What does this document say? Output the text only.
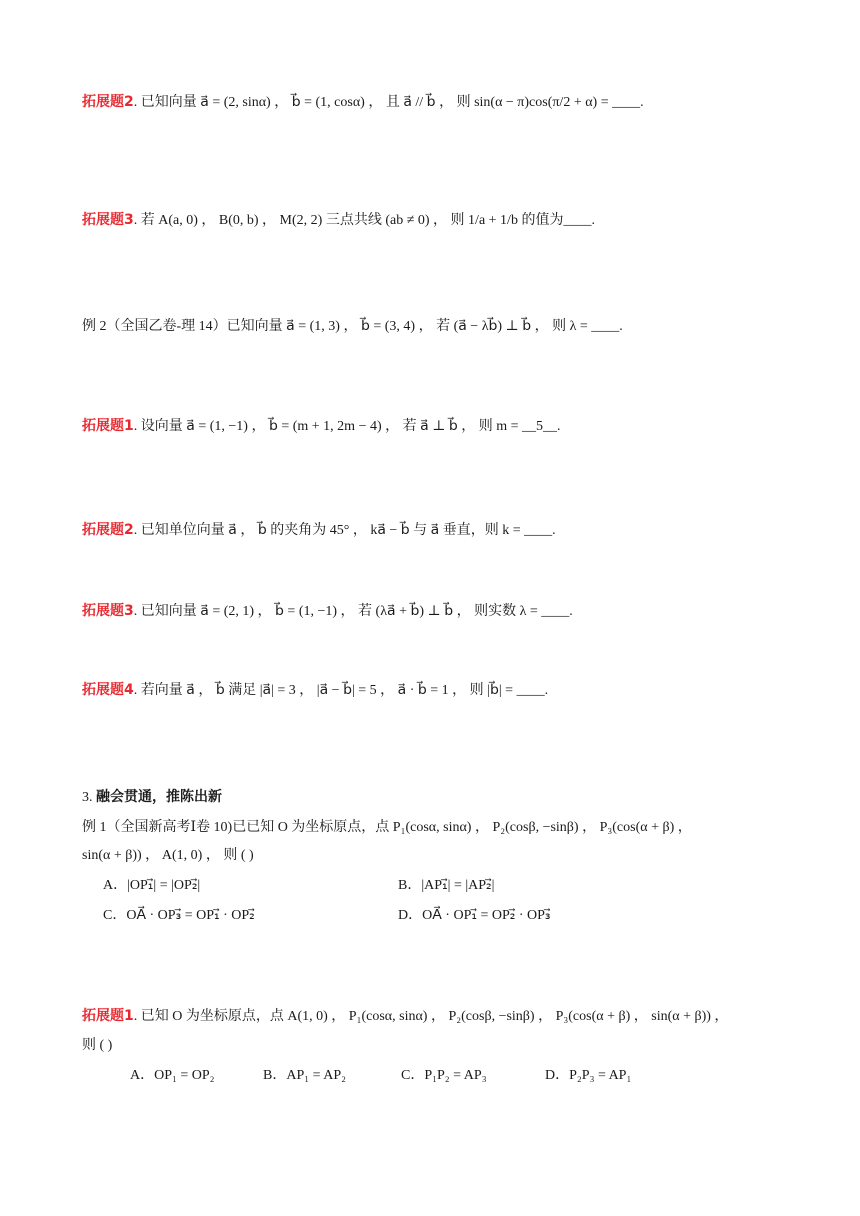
拓展题2. 已知向量 a⃗ = (2, sinα) ， b⃗ = (1, cosα) ， 且 a⃗ // b⃗ ， 则 sin(α − π)cos(π/2 + α) = ____.
拓展题3. 若 A(a, 0) ， B(0, b) ， M(2, 2) 三点共线 (ab ≠ 0) ， 则 1/a + 1/b 的值为____.
例 2（全国乙卷-理 14）已知向量 a⃗ = (1, 3) ， b⃗ = (3, 4) ， 若 (a⃗ − λb⃗) ⊥ b⃗ ， 则 λ = ____.
拓展题1. 设向量 a⃗ = (1, −1) ， b⃗ = (m + 1, 2m − 4) ， 若 a⃗ ⊥ b⃗ ， 则 m = __5__.
拓展题2. 已知单位向量 a⃗ ， b⃗ 的夹角为 45° ， ka⃗ − b⃗ 与 a⃗ 垂直，则 k = ____.
拓展题3. 已知向量 a⃗ = (2, 1) ， b⃗ = (1, −1) ， 若 (λa⃗ + b⃗) ⊥ b⃗ ， 则实数 λ = ____.
拓展题4. 若向量 a⃗ ， b⃗ 满足 |a⃗| = 3 ， |a⃗ − b⃗| = 5 ， a⃗ · b⃗ = 1 ， 则 |b⃗| = ____.
3. 融会贯通，推陈出新
例 1（全国新高考Ⅰ卷 10)已已知 O 为坐标原点，点 P₁(cosα, sinα) ， P₂(cosβ, −sinβ) ， P₃(cos(α + β) ，
sin(α + β)) ， A(1, 0) ， 则 ( )
A．|OP₁⃗| = |OP₂⃗|	B．|AP₁⃗| = |AP₂⃗|
C．OA⃗ · OP₃⃗ = OP₁⃗ · OP₂⃗	D．OA⃗ · OP₁⃗ = OP₂⃗ · OP₃⃗
拓展题1. 已知 O 为坐标原点，点 A(1, 0) ， P₁(cosα, sinα) ， P₂(cosβ, −sinβ) ， P₃(cos(α + β) ， sin(α + β)) ，
则 ( )
A．OP₁ = OP₂	B．AP₁ = AP₂	C．P₁P₂ = AP₃	D．P₂P₃ = AP₁
